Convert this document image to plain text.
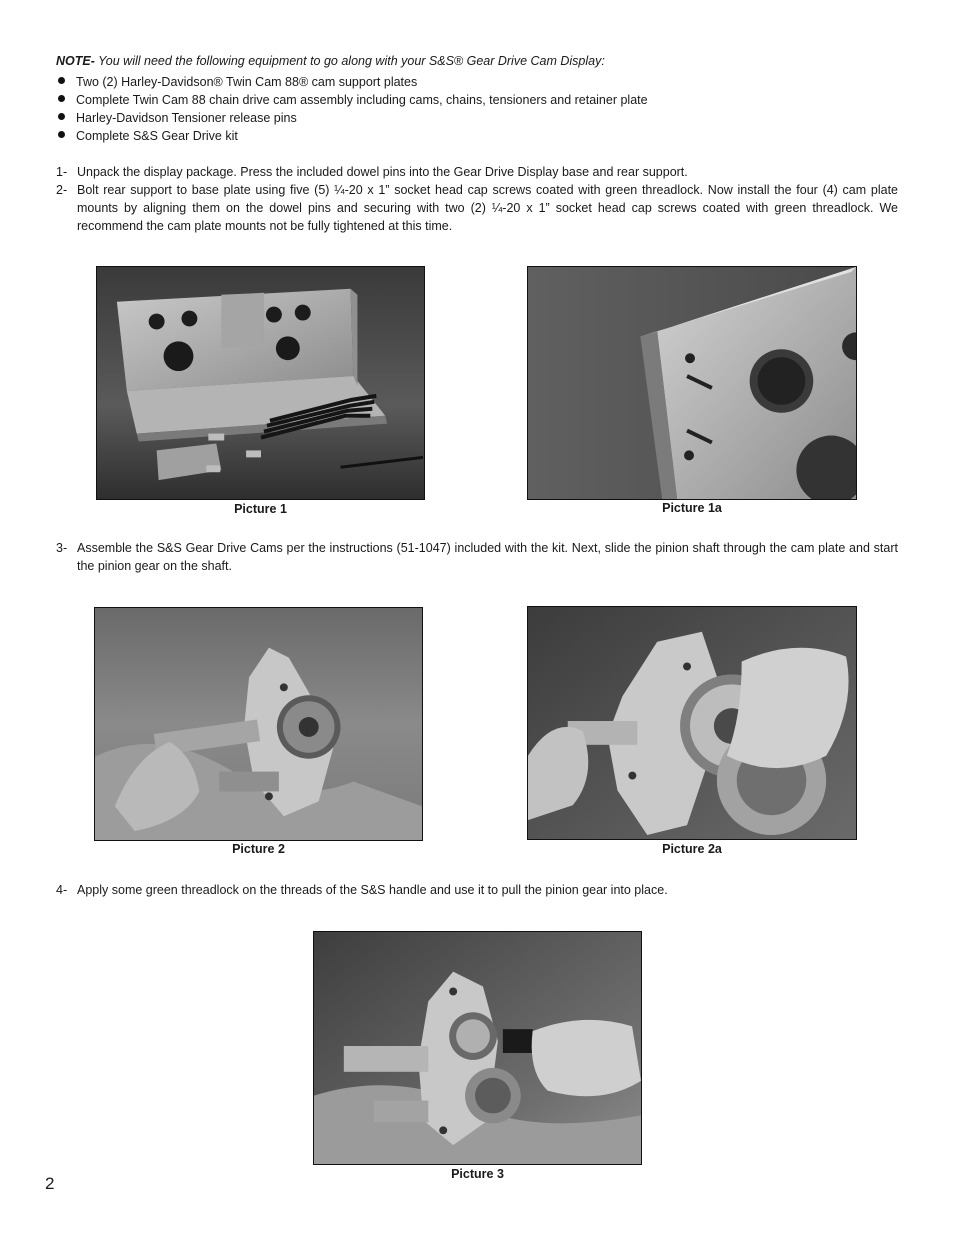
NOTE- You will need the following equipment to go along with your S&S® Gear Drive Cam Display:
Two (2) Harley-Davidson® Twin Cam 88® cam support plates
Complete Twin Cam 88 chain drive cam assembly including cams, chains, tensioners and retainer plate
Harley-Davidson Tensioner release pins
Complete S&S Gear Drive kit
1- Unpack the display package. Press the included dowel pins into the Gear Drive Display base and rear support.
2- Bolt rear support to base plate using five (5) ¼-20 x 1” socket head cap screws coated with green threadlock. Now install the four (4) cam plate mounts by aligning them on the dowel pins and securing with two (2) ¼-20 x 1” socket head cap screws coated with green threadlock. We recommend the cam plate mounts not be fully tightened at this time.
Picture 1	Picture 1a
3- Assemble the S&S Gear Drive Cams per the instructions (51-1047) included with the kit. Next, slide the pinion shaft through the cam plate and start the pinion gear on the shaft.
Picture 2	Picture 2a
4- Apply some green threadlock on the threads of the S&S handle and use it to pull the pinion gear into place.
Picture 3
2
